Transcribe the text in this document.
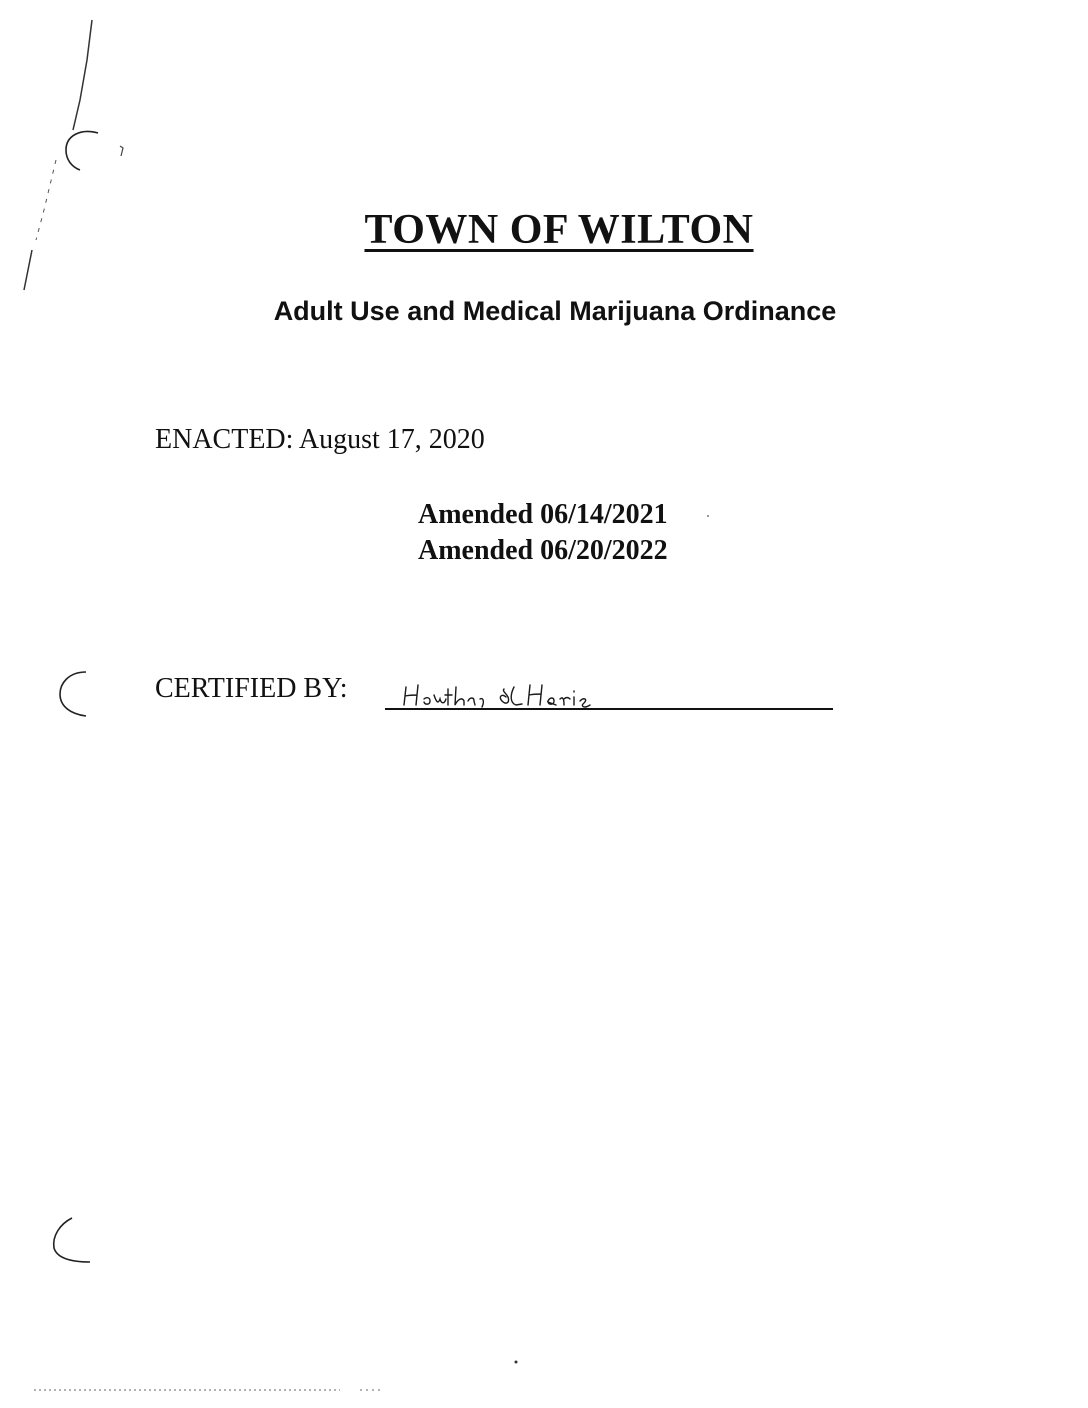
TOWN OF WILTON
Adult Use and Medical Marijuana Ordinance
ENACTED: August 17, 2020
Amended 06/14/2021
Amended 06/20/2022
CERTIFIED BY:
